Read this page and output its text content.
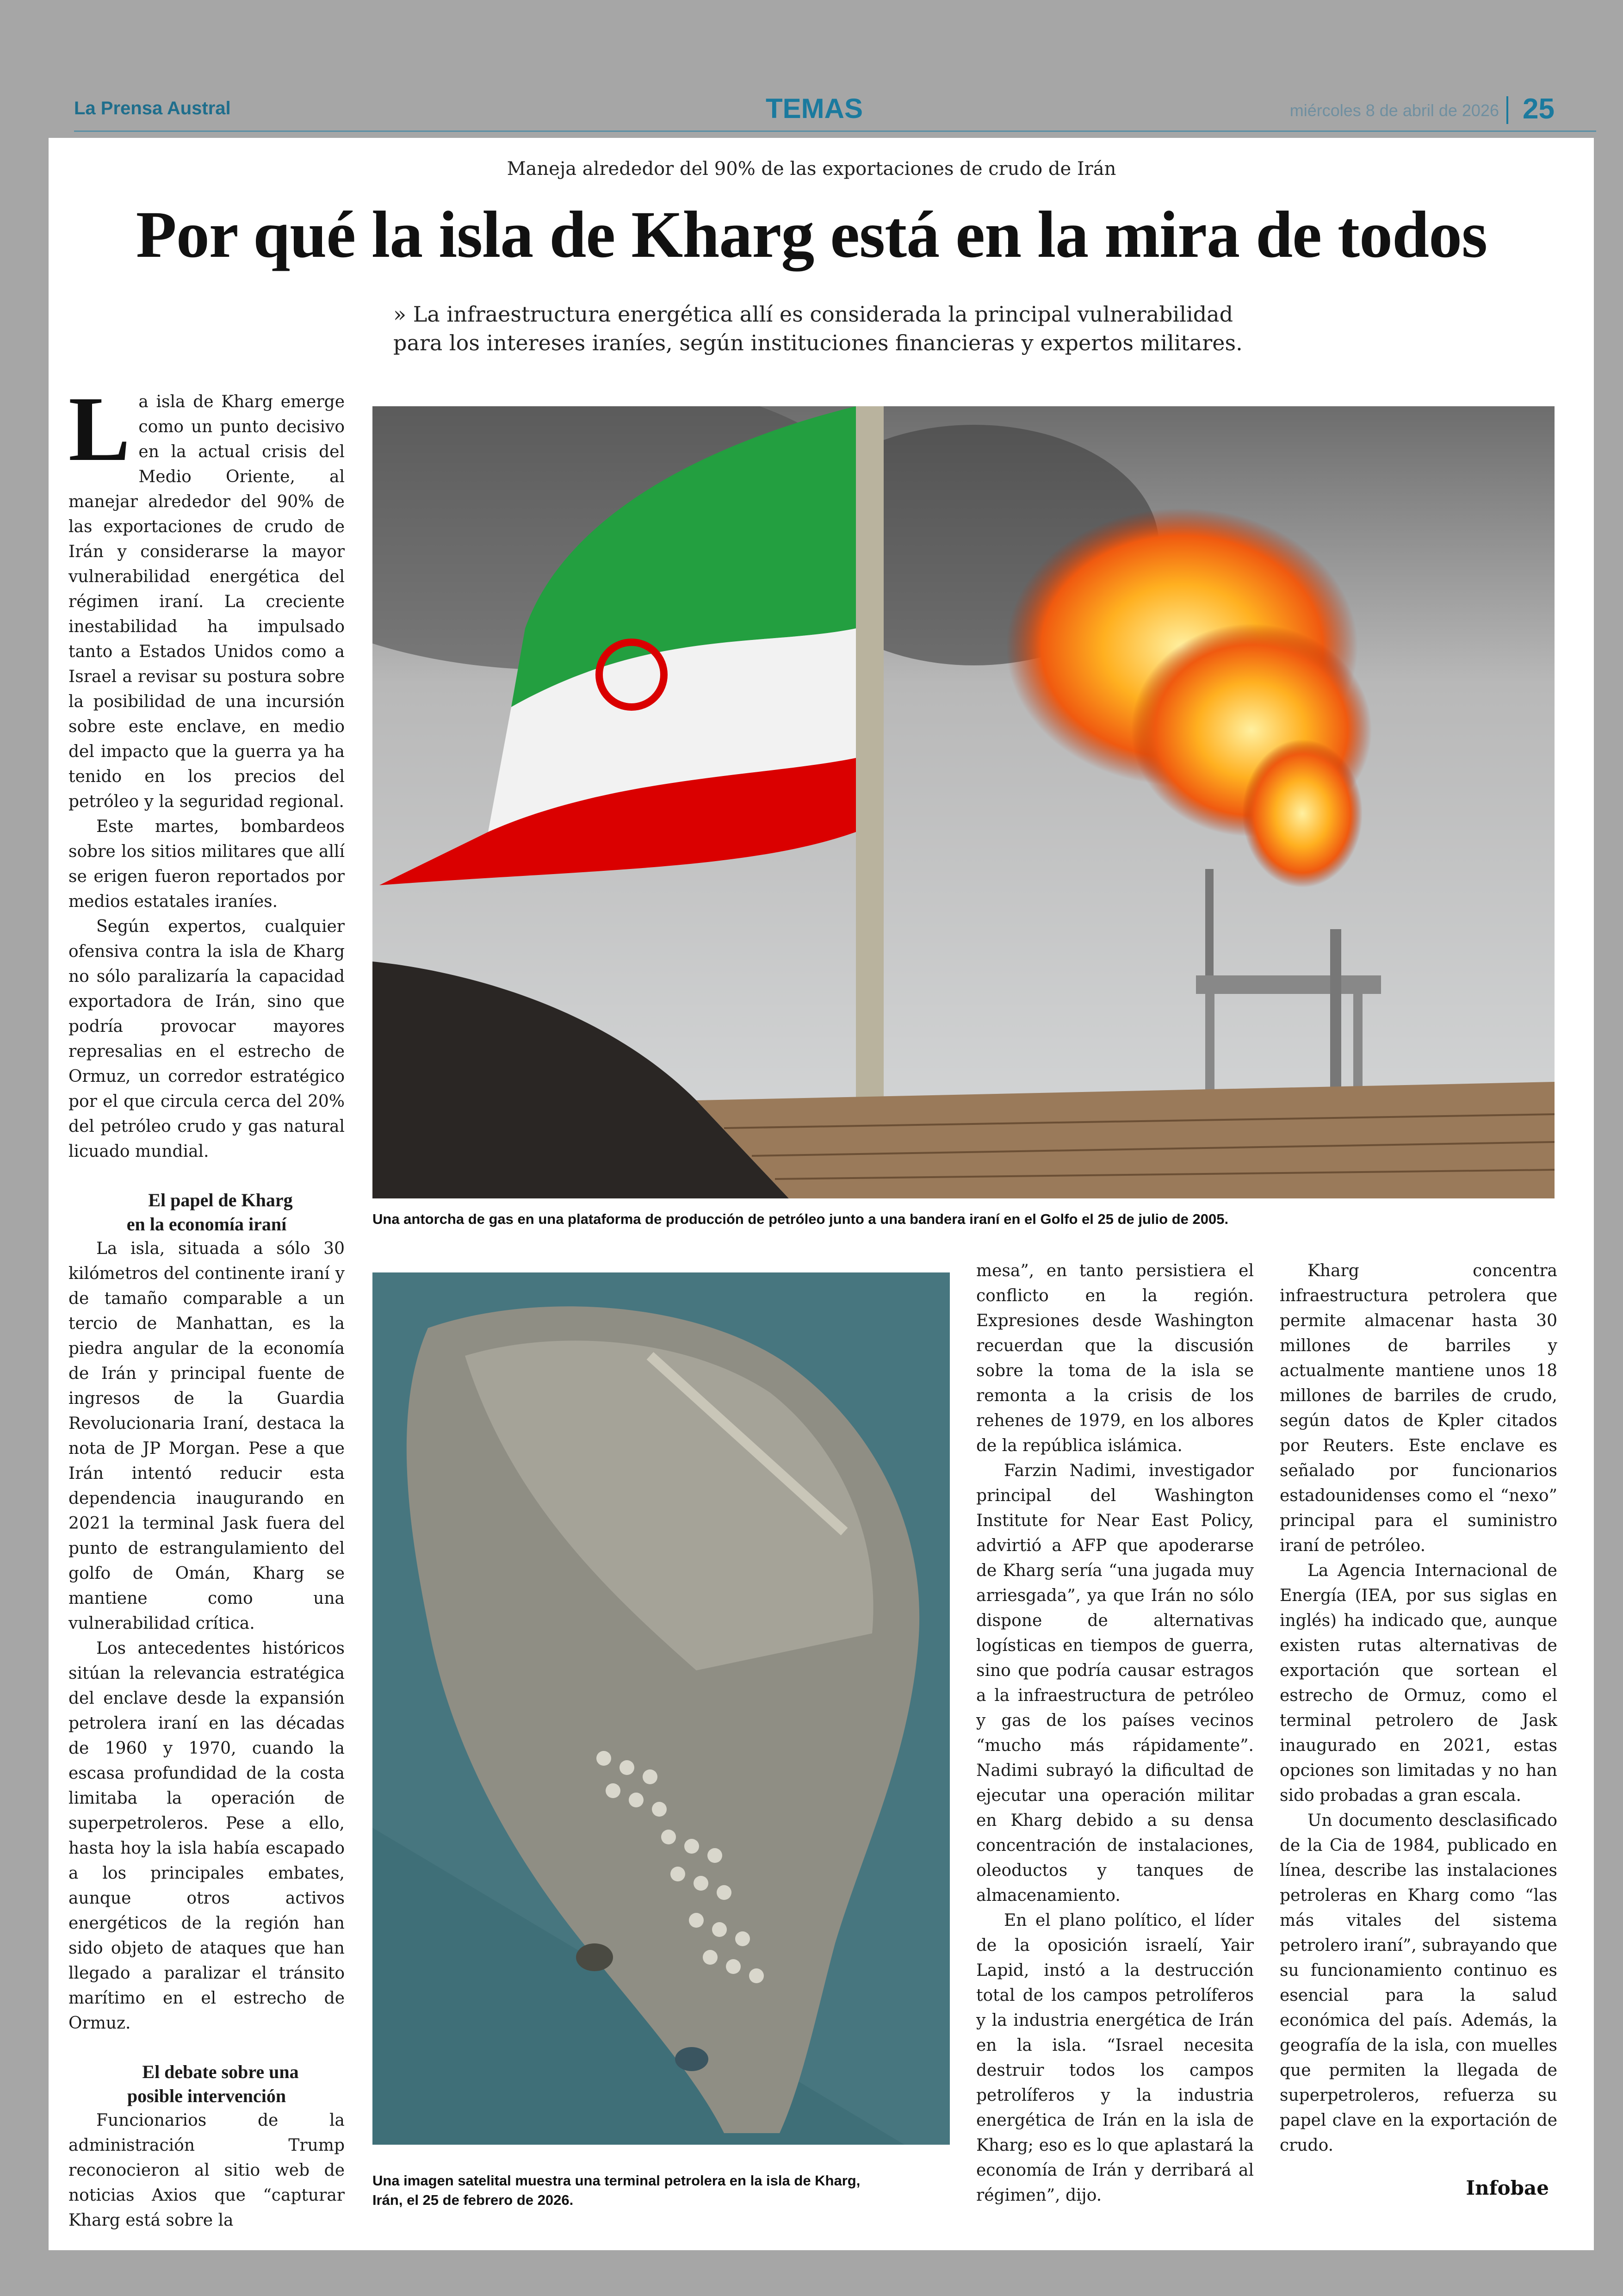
La Prensa Austral	TEMAS	miércoles 8 de abril de 2026 25
Maneja alrededor del 90% de las exportaciones de crudo de Irán
Por qué la isla de Kharg está en la mira de todos
» La infraestructura energética allí es considerada la principal vulnerabilidad
para los intereses iraníes, según instituciones financieras y expertos militares.

La isla de Kharg emerge como un punto decisivo en la actual crisis del Medio Oriente, al manejar alrededor del 90% de las exportaciones de crudo de Irán y considerarse la mayor vulnerabilidad energética del régimen iraní. La creciente inestabilidad ha impulsado tanto a Estados Unidos como a Israel a revisar su postura sobre la posibilidad de una incursión sobre este enclave, en medio del impacto que la guerra ya ha tenido en los precios del petróleo y la seguridad regional.

Este martes, bombardeos sobre los sitios militares que allí se erigen fueron reportados por medios estatales iraníes.

Según expertos, cualquier ofensiva contra la isla de Kharg no sólo paralizaría la capacidad exportadora de Irán, sino que podría provocar mayores represalias en el estrecho de Ormuz, un corredor estratégico por el que circula cerca del 20% del petróleo crudo y gas natural licuado mundial.

El papel de Kharg
en la economía iraní

La isla, situada a sólo 30 kilómetros del continente iraní y de tamaño comparable a un tercio de Manhattan, es la piedra angular de la economía de Irán y principal fuente de ingresos de la Guardia Revolucionaria Iraní, destaca la nota de JP Morgan. Pese a que Irán intentó reducir esta dependencia inaugurando en 2021 la terminal Jask fuera del punto de estrangulamiento del golfo de Omán, Kharg se mantiene como una vulnerabilidad crítica.

Los antecedentes históricos sitúan la relevancia estratégica del enclave desde la expansión petrolera iraní en las décadas de 1960 y 1970, cuando la escasa profundidad de la costa limitaba la operación de superpetroleros. Pese a ello, hasta hoy la isla había escapado a los principales embates, aunque otros activos energéticos de la región han sido objeto de ataques que han llegado a paralizar el tránsito marítimo en el estrecho de Ormuz.

El debate sobre una
posible intervención

Funcionarios de la administración Trump reconocieron al sitio web de noticias Axios que “capturar Kharg está sobre la

Una antorcha de gas en una plataforma de producción de petróleo junto a una bandera iraní en el Golfo el 25 de julio de 2005.
Una imagen satelital muestra una terminal petrolera en la isla de Kharg,
Irán, el 25 de febrero de 2026.

mesa”, en tanto persistiera el conflicto en la región. Expresiones desde Washington recuerdan que la discusión sobre la toma de la isla se remonta a la crisis de los rehenes de 1979, en los albores de la república islámica.

Farzin Nadimi, investigador principal del Washington Institute for Near East Policy, advirtió a AFP que apoderarse de Kharg sería “una jugada muy arriesgada”, ya que Irán no sólo dispone de alternativas logísticas en tiempos de guerra, sino que podría causar estragos a la infraestructura de petróleo y gas de los países vecinos “mucho más rápidamente”. Nadimi subrayó la dificultad de ejecutar una operación militar en Kharg debido a su densa concentración de instalaciones, oleoductos y tanques de almacenamiento.

En el plano político, el líder de la oposición israelí, Yair Lapid, instó a la destrucción total de los campos petrolíferos y la industria energética de Irán en la isla. “Israel necesita destruir todos los campos petrolíferos y la industria energética de Irán en la isla de Kharg; eso es lo que aplastará la economía de Irán y derribará al régimen”, dijo.

Kharg concentra infraestructura petrolera que permite almacenar hasta 30 millones de barriles y actualmente mantiene unos 18 millones de barriles de crudo, según datos de Kpler citados por Reuters. Este enclave es señalado por funcionarios estadounidenses como el “nexo” principal para el suministro iraní de petróleo.

La Agencia Internacional de Energía (IEA, por sus siglas en inglés) ha indicado que, aunque existen rutas alternativas de exportación que sortean el estrecho de Ormuz, como el terminal petrolero de Jask inaugurado en 2021, estas opciones son limitadas y no han sido probadas a gran escala.

Un documento desclasificado de la Cia de 1984, publicado en línea, describe las instalaciones petroleras en Kharg como “las más vitales del sistema petrolero iraní”, subrayando que su funcionamiento continuo es esencial para la salud económica del país. Además, la geografía de la isla, con muelles que permiten la llegada de superpetroleros, refuerza su papel clave en la exportación de crudo.

Infobae
